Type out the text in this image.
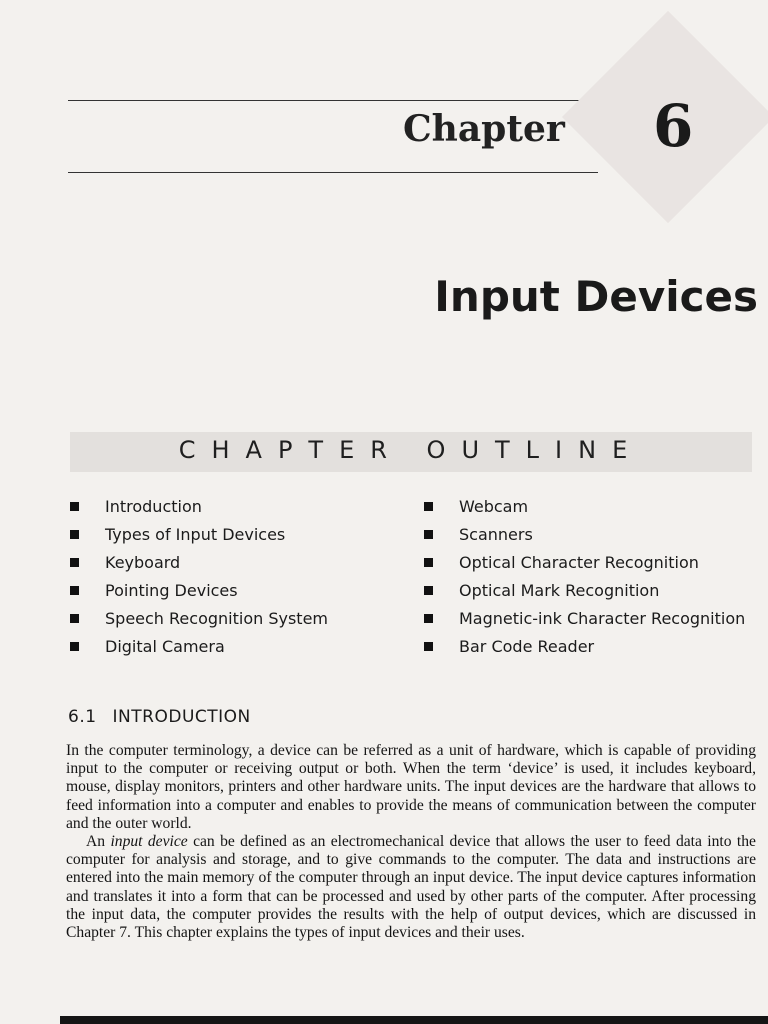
Chapter 6
Input Devices
CHAPTER OUTLINE
Introduction
Types of Input Devices
Keyboard
Pointing Devices
Speech Recognition System
Digital Camera
Webcam
Scanners
Optical Character Recognition
Optical Mark Recognition
Magnetic-ink Character Recognition
Bar Code Reader
6.1 INTRODUCTION

In the computer terminology, a device can be referred as a unit of hardware, which is capable of providing input to the computer or receiving output or both. When the term ‘device’ is used, it includes keyboard, mouse, display monitors, printers and other hardware units. The input devices are the hardware that allows to feed information into a computer and enables to provide the means of communication between the computer and the outer world.

An input device can be defined as an electromechanical device that allows the user to feed data into the computer for analysis and storage, and to give commands to the computer. The data and instructions are entered into the main memory of the computer through an input device. The input device captures information and translates it into a form that can be processed and used by other parts of the computer. After processing the input data, the computer provides the results with the help of output devices, which are discussed in Chapter 7. This chapter explains the types of input devices and their uses.
